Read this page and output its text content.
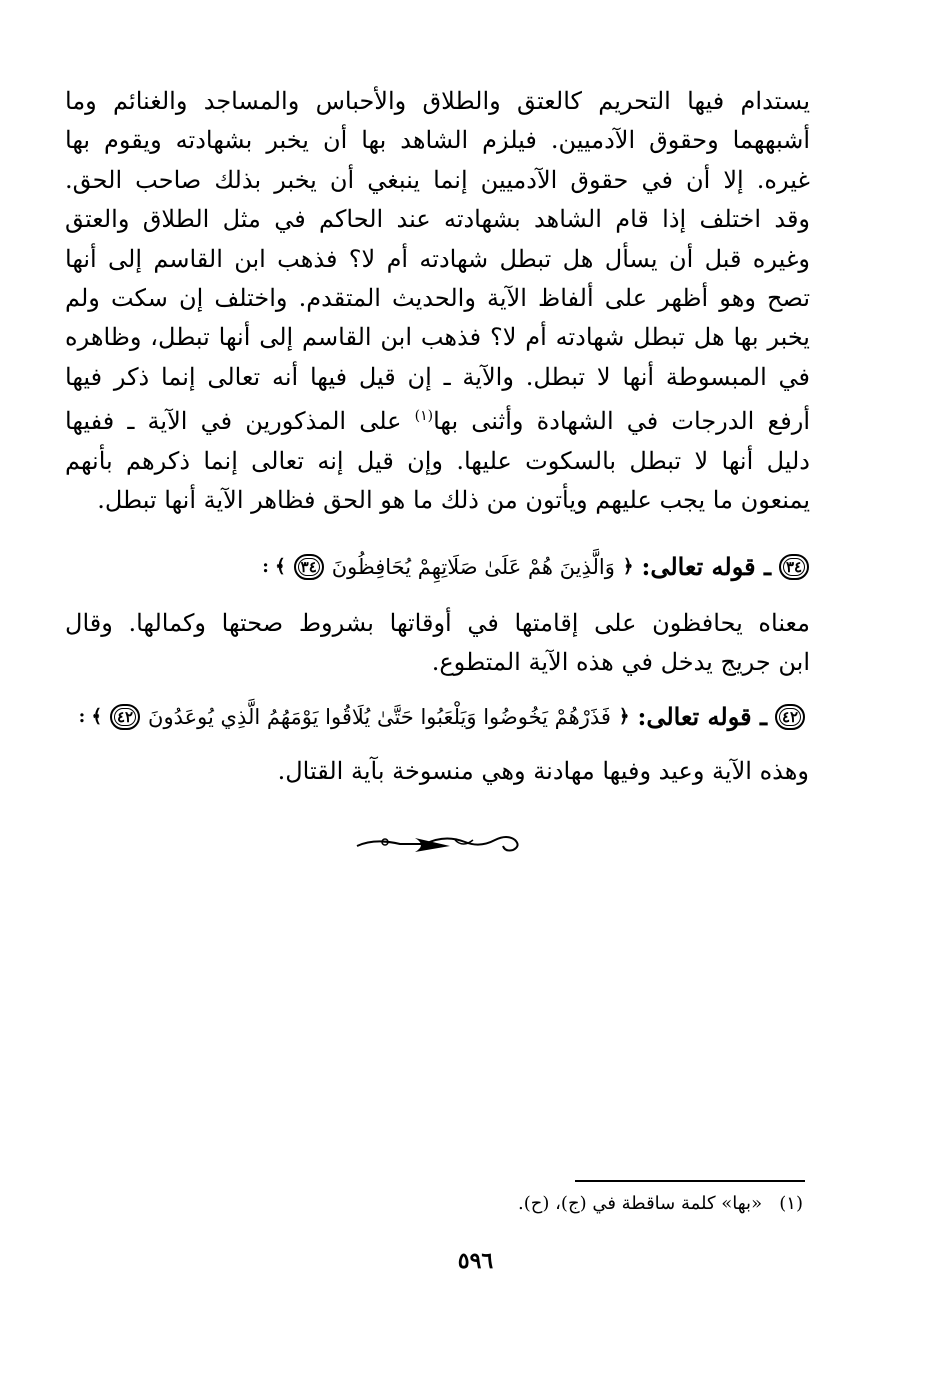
يستدام فيها التحريم كالعتق والطلاق والأحباس والمساجد والغنائم وما
أشبههما وحقوق الآدميين. فيلزم الشاهد بها أن يخبر بشهادته ويقوم بها
غيره. إلا أن في حقوق الآدميين إنما ينبغي أن يخبر بذلك صاحب الحق.
وقد اختلف إذا قام الشاهد بشهادته عند الحاكم في مثل الطلاق والعتق
وغيره قبل أن يسأل هل تبطل شهادته أم لا؟ فذهب ابن القاسم إلى أنها
تصح وهو أظهر على ألفاظ الآية والحديث المتقدم. واختلف إن سكت ولم
يخبر بها هل تبطل شهادته أم لا؟ فذهب ابن القاسم إلى أنها تبطل، وظاهره
في المبسوطة أنها لا تبطل. والآية ـ إن قيل فيها أنه تعالى إنما ذكر فيها
أرفع الدرجات في الشهادة وأثنى بها$^{(١)}$ على المذكورين في الآية ـ ففيها
دليل أنها لا تبطل بالسكوت عليها. وإن قيل إنه تعالى إنما ذكرهم بأنهم
يمنعون ما يجب عليهم ويأتون من ذلك ما هو الحق فظاهر الآية أنها تبطل.
٣٤
ـ قوله تعالى:
﴿
وَالَّذِينَ هُمْ عَلَىٰ صَلَاتِهِمْ يُحَافِظُونَ
٣٤
﴾ :
معناه يحافظون على إقامتها في أوقاتها بشروط صحتها وكمالها. وقال
ابن جريج يدخل في هذه الآية المتطوع.
٤٢
ـ قوله تعالى:
﴿
فَذَرْهُمْ يَخُوضُوا وَيَلْعَبُوا حَتَّىٰ يُلَاقُوا يَوْمَهُمُ الَّذِي يُوعَدُونَ
٤٢
﴾ :
وهذه الآية وعيد وفيها مهادنة وهي منسوخة بآية القتال.
(١)   «بها» كلمة ساقطة في (ج)، (ح).
٥٩٦
